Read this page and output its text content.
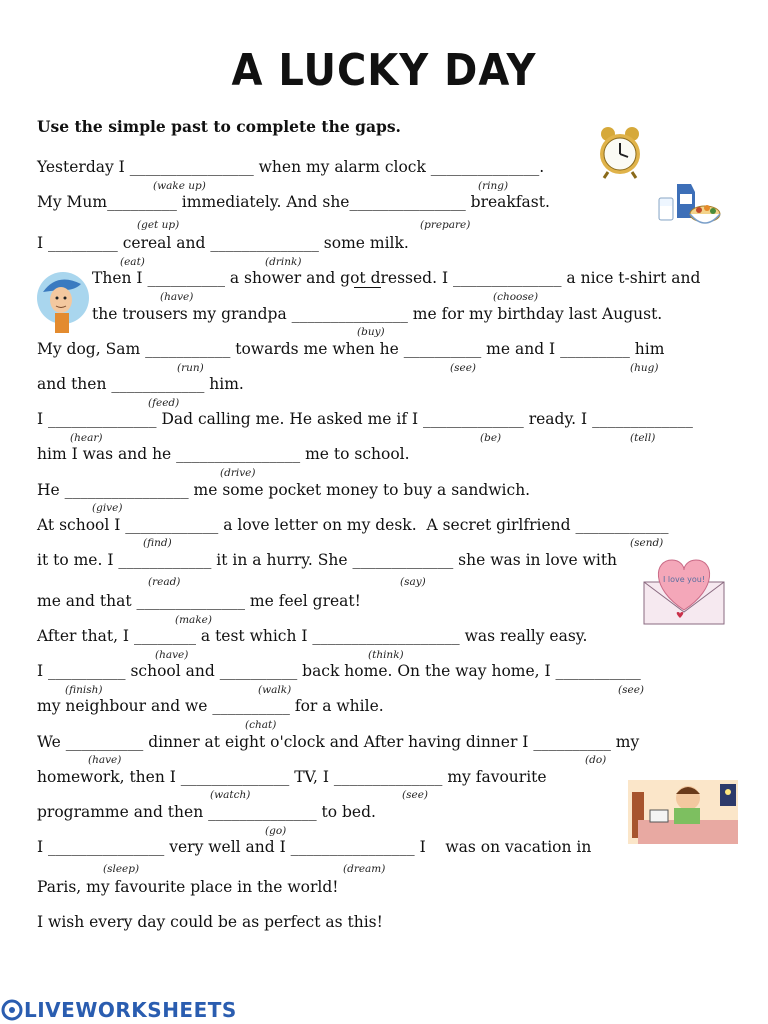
A LUCKY DAY
Use the simple past to complete the gaps.
Yesterday I ________________ when my alarm clock ______________.
My Mum_________ immediately. And she_______________ breakfast.
I _________ cereal and ______________ some milk.
Then I __________ a shower and got dressed. I ______________ a nice t-shirt and
the trousers my grandpa _______________ me for my birthday last August.
My dog, Sam ___________ towards me when he __________ me and I _________ him
and then ____________ him.
I ______________ Dad calling me. He asked me if I _____________ ready. I _____________
him I was and he ________________ me to school.
He ________________ me some pocket money to buy a sandwich.
At school I ____________ a love letter on my desk.  A secret girlfriend ____________
it to me. I ____________ it in a hurry. She _____________ she was in love with
me and that ______________ me feel great!
After that, I ________ a test which I ___________________ was really easy.
I __________ school and __________ back home. On the way home, I ___________
my neighbour and we __________ for a while.
We __________ dinner at eight o'clock and After having dinner I __________ my
homework, then I ______________ TV, I ______________ my favourite
programme and then ______________ to bed.
I _______________ very well and I ________________ I    was on vacation in
Paris, my favourite place in the world!
I wish every day could be as perfect as this!
(wake up)	(ring)
(get up)	(prepare)
(eat)	(drink)
(have)	(choose)
(buy)
(run)	(see)	(hug)
(feed)
(hear)	(be)	(tell)
(drive)
(give)
(find)	(send)
(read)	(say)
(make)
(have)	(think)
(finish)	(walk)	(see)
(chat)
(have)	(do)
(watch)	(see)
(go)
(sleep)	(dream)
I love you!
LIVEWORKSHEETS
